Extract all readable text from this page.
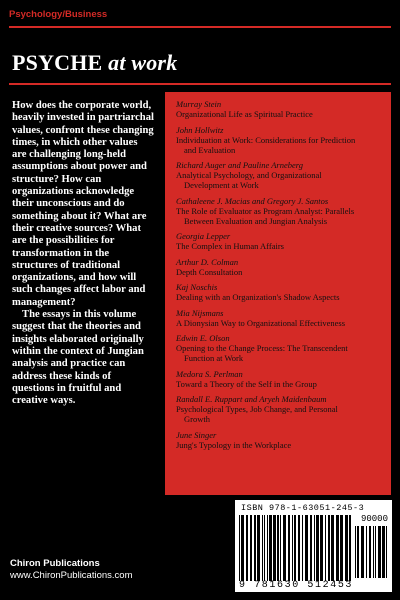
Psychology/Business
PSYCHE at work

How does the corporate world, heavily invested in partriarchal values, confront these changing times, in which other values are challenging long-held assumptions about power and structure? How can organizations acknowledge their unconscious and do something about it? What are their creative sources? What are the possibilities for transformation in the structures of traditional organizations, and how will such changes affect labor and management?

The essays in this volume suggest that the theories and insights elaborated originally within the context of Jungian analysis and practice can address these kinds of questions in fruitful and creative ways.

Murray Stein
Organizational Life as Spiritual Practice
John Hollwitz
Individuation at Work: Considerations for Prediction
and Evaluation
Richard Auger and Pauline Arneberg
Analytical Psychology, and Organizational
Development at Work
Cathaleene J. Macias and Gregory J. Santos
The Role of Evaluator as Program Analyst: Parallels
Between Evaluation and Jungian Analysis
Georgia Lepper
The Complex in Human Affairs
Arthur D. Colman
Depth Consultation
Kaj Noschis
Dealing with an Organization's Shadow Aspects
Mia Nijsmans
A Dionysian Way to Organizational Effectiveness
Edwin E. Olson
Opening to the Change Process: The Transcendent
Function at Work
Medora S. Perlman
Toward a Theory of the Self in the Group
Randall E. Ruppart and Aryeh Maidenbaum
Psychological Types, Job Change, and Personal
Growth
June Singer
Jung's Typology in the Workplace
ISBN 978-1-63051-245-3
90000
9 781630 512453
Chiron Publications
www.ChironPublications.com
